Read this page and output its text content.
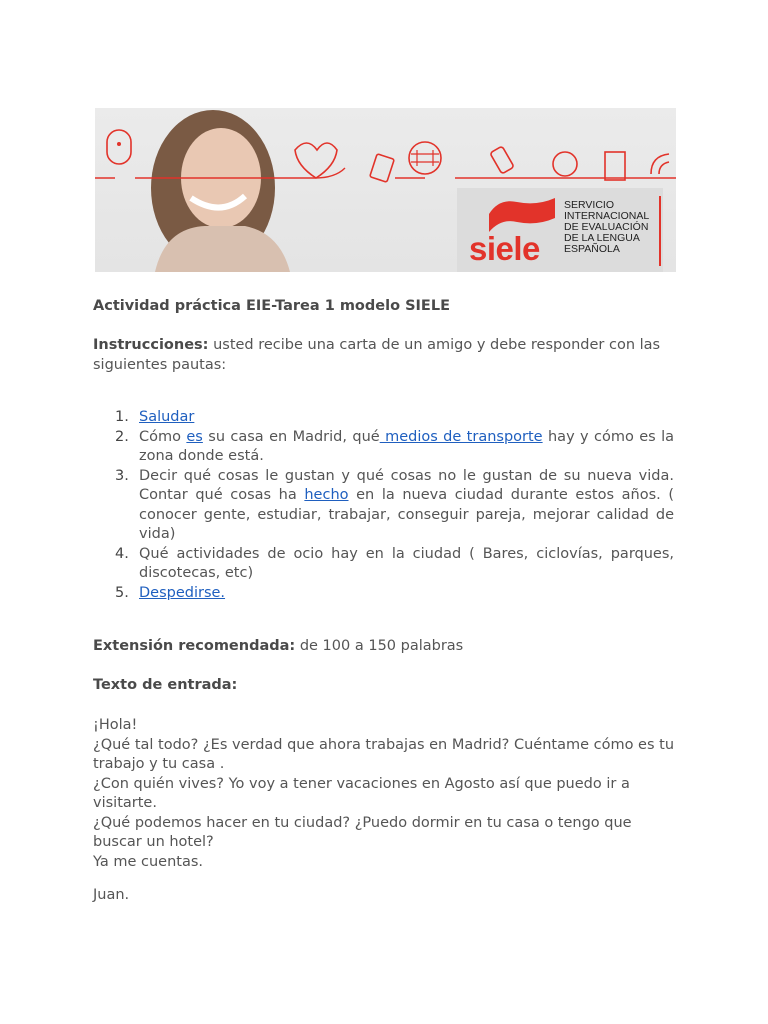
siele
SERVICIO
INTERNACIONAL
DE EVALUACIÓN
DE LA LENGUA
ESPAÑOLA
Actividad práctica EIE-Tarea 1 modelo SIELE
Instrucciones: usted recibe una carta de un amigo y debe responder con las siguientes pautas:
1. Saludar
2. Cómo es su casa en Madrid, qué medios de transporte hay y cómo es la zona donde está.
3. Decir qué cosas le gustan y qué cosas no le gustan de su nueva vida. Contar qué cosas ha hecho en la nueva ciudad durante estos años. ( conocer gente, estudiar, trabajar, conseguir pareja, mejorar calidad de vida)
4. Qué actividades de ocio hay en la ciudad ( Bares, ciclovías, parques, discotecas, etc)
5. Despedirse.
Extensión recomendada: de 100 a 150 palabras
Texto de entrada:
¡Hola!
¿Qué tal todo? ¿Es verdad que ahora trabajas en Madrid? Cuéntame cómo es tu trabajo y tu casa .
¿Con quién vives? Yo voy a tener vacaciones en Agosto así que puedo ir a visitarte.
¿Qué podemos hacer en tu ciudad? ¿Puedo dormir en tu casa o tengo que buscar un hotel?
Ya me cuentas.
Juan.
